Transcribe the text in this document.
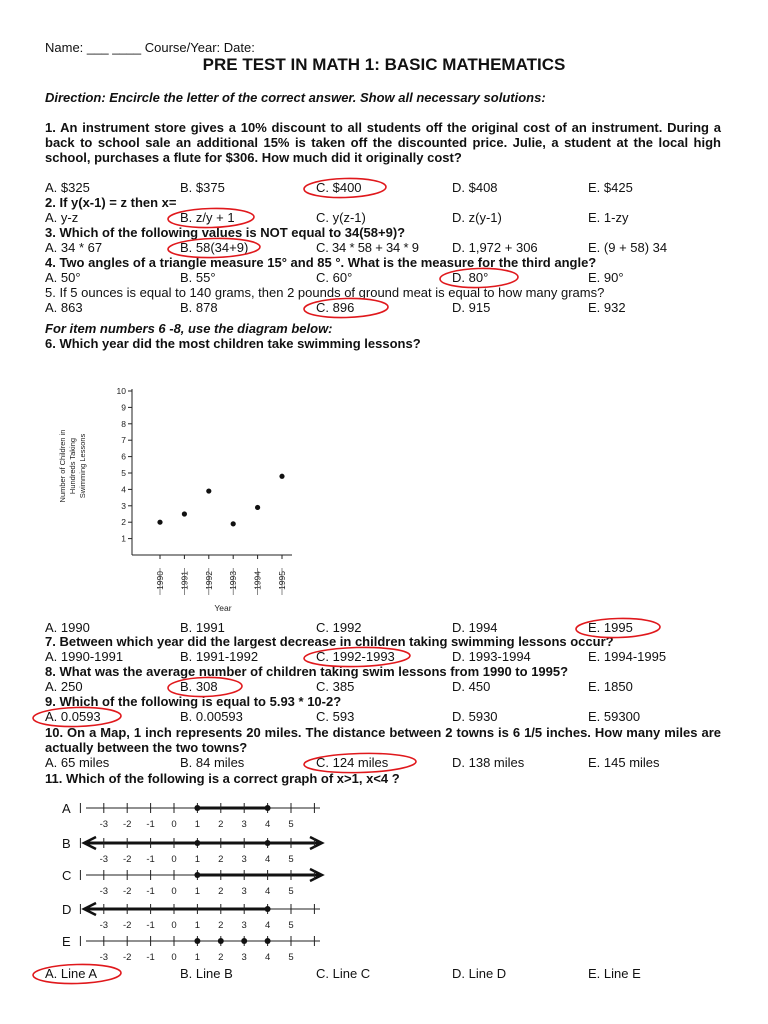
Name: ___ ____ Course/Year: Date:
PRE TEST IN MATH 1: BASIC MATHEMATICS
Direction: Encircle the letter of the correct answer. Show all necessary solutions:
1. An instrument store gives a 10% discount to all students off the original cost of an instrument. During a back to school sale an additional 15% is taken off the discounted price. Julie, a student at the local high school, purchases a flute for $306. How much did it originally cost?
A. $325	B. $375	C. $400	D. $408	E. $425
2. If y(x-1) = z then x=
A. y-z	B. z/y + 1	C. y(z-1)	D. z(y-1)	E. 1-zy
3. Which of the following values is NOT equal to 34(58+9)?
A. 34 * 67	B. 58(34+9)	C. 34 * 58 + 34 * 9	D. 1,972 + 306	E. (9 + 58) 34
4. Two angles of a triangle measure 15° and 85 °. What is the measure for the third angle?
A. 50°	B. 55°	C. 60°	D. 80°	E. 90°
5. If 5 ounces is equal to 140 grams, then 2 pounds of ground meat is equal to how many grams?
A. 863	B. 878	C. 896	D. 915	E. 932
For item numbers 6 -8, use the diagram below:
6. Which year did the most children take swimming lessons?
1
2
3
4
5
6
7
8
9
10
1990 1991 1992 1993 1994 1995
Year
Number of Children in Hundreds Taking Swimming Lessons
A. 1990	B. 1991	C. 1992	D. 1994	E. 1995
7. Between which year did the largest decrease in children taking swimming lessons occur?
A. 1990-1991	B. 1991-1992	C. 1992-1993	D. 1993-1994	E. 1994-1995
8. What was the average number of children taking swim lessons from 1990 to 1995?
A. 250	B. 308	C. 385	D. 450	E. 1850
9. Which of the following is equal to 5.93 * 10-2?
A. 0.0593	B. 0.00593	C. 593	D. 5930	E. 59300
10. On a Map, 1 inch represents 20 miles. The distance between 2 towns is 6 1/5 inches. How many miles are actually between the two towns?
A. 65 miles	B. 84 miles	C. 124 miles	D. 138 miles	E. 145 miles
11. Which of the following is a correct graph of x>1, x<4 ?
A
-3 -2 -1 0 1 2 3 4 5
B
-3 -2 -1 0 1 2 3 4 5
C
-3 -2 -1 0 1 2 3 4 5
D
-3 -2 -1 0 1 2 3 4 5
E
-3 -2 -1 0 1 2 3 4 5
A. Line A	B. Line B	C. Line C	D. Line D	E. Line E
